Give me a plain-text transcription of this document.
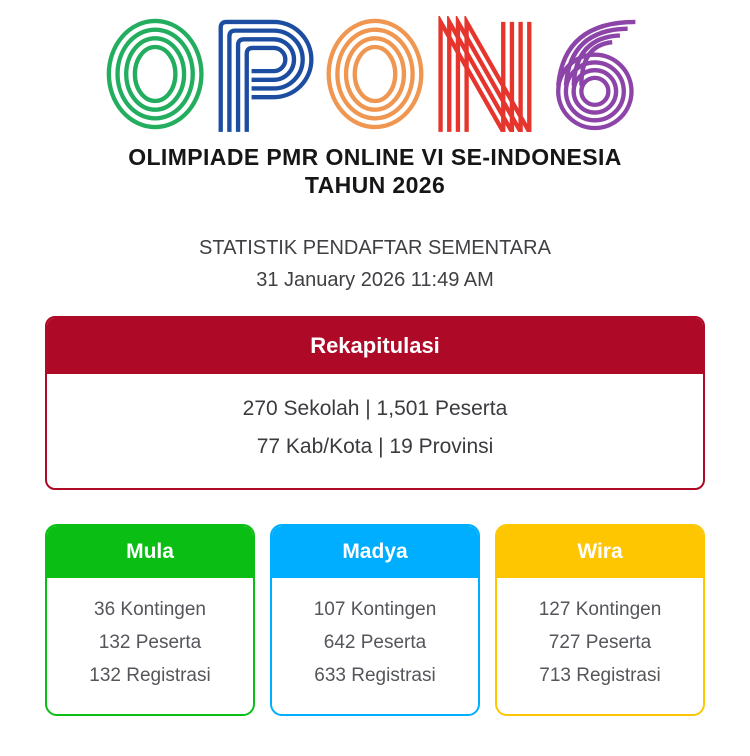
OLIMPIADE PMR ONLINE VI SE-INDONESIA
TAHUN 2026
STATISTIK PENDAFTAR SEMENTARA
31 January 2026 11:49 AM
Rekapitulasi

270 Sekolah | 1,501 Peserta

77 Kab/Kota | 19 Provinsi

Mula

36 Kontingen

132 Peserta

132 Registrasi

Madya

107 Kontingen

642 Peserta

633 Registrasi

Wira

127 Kontingen

727 Peserta

713 Registrasi
